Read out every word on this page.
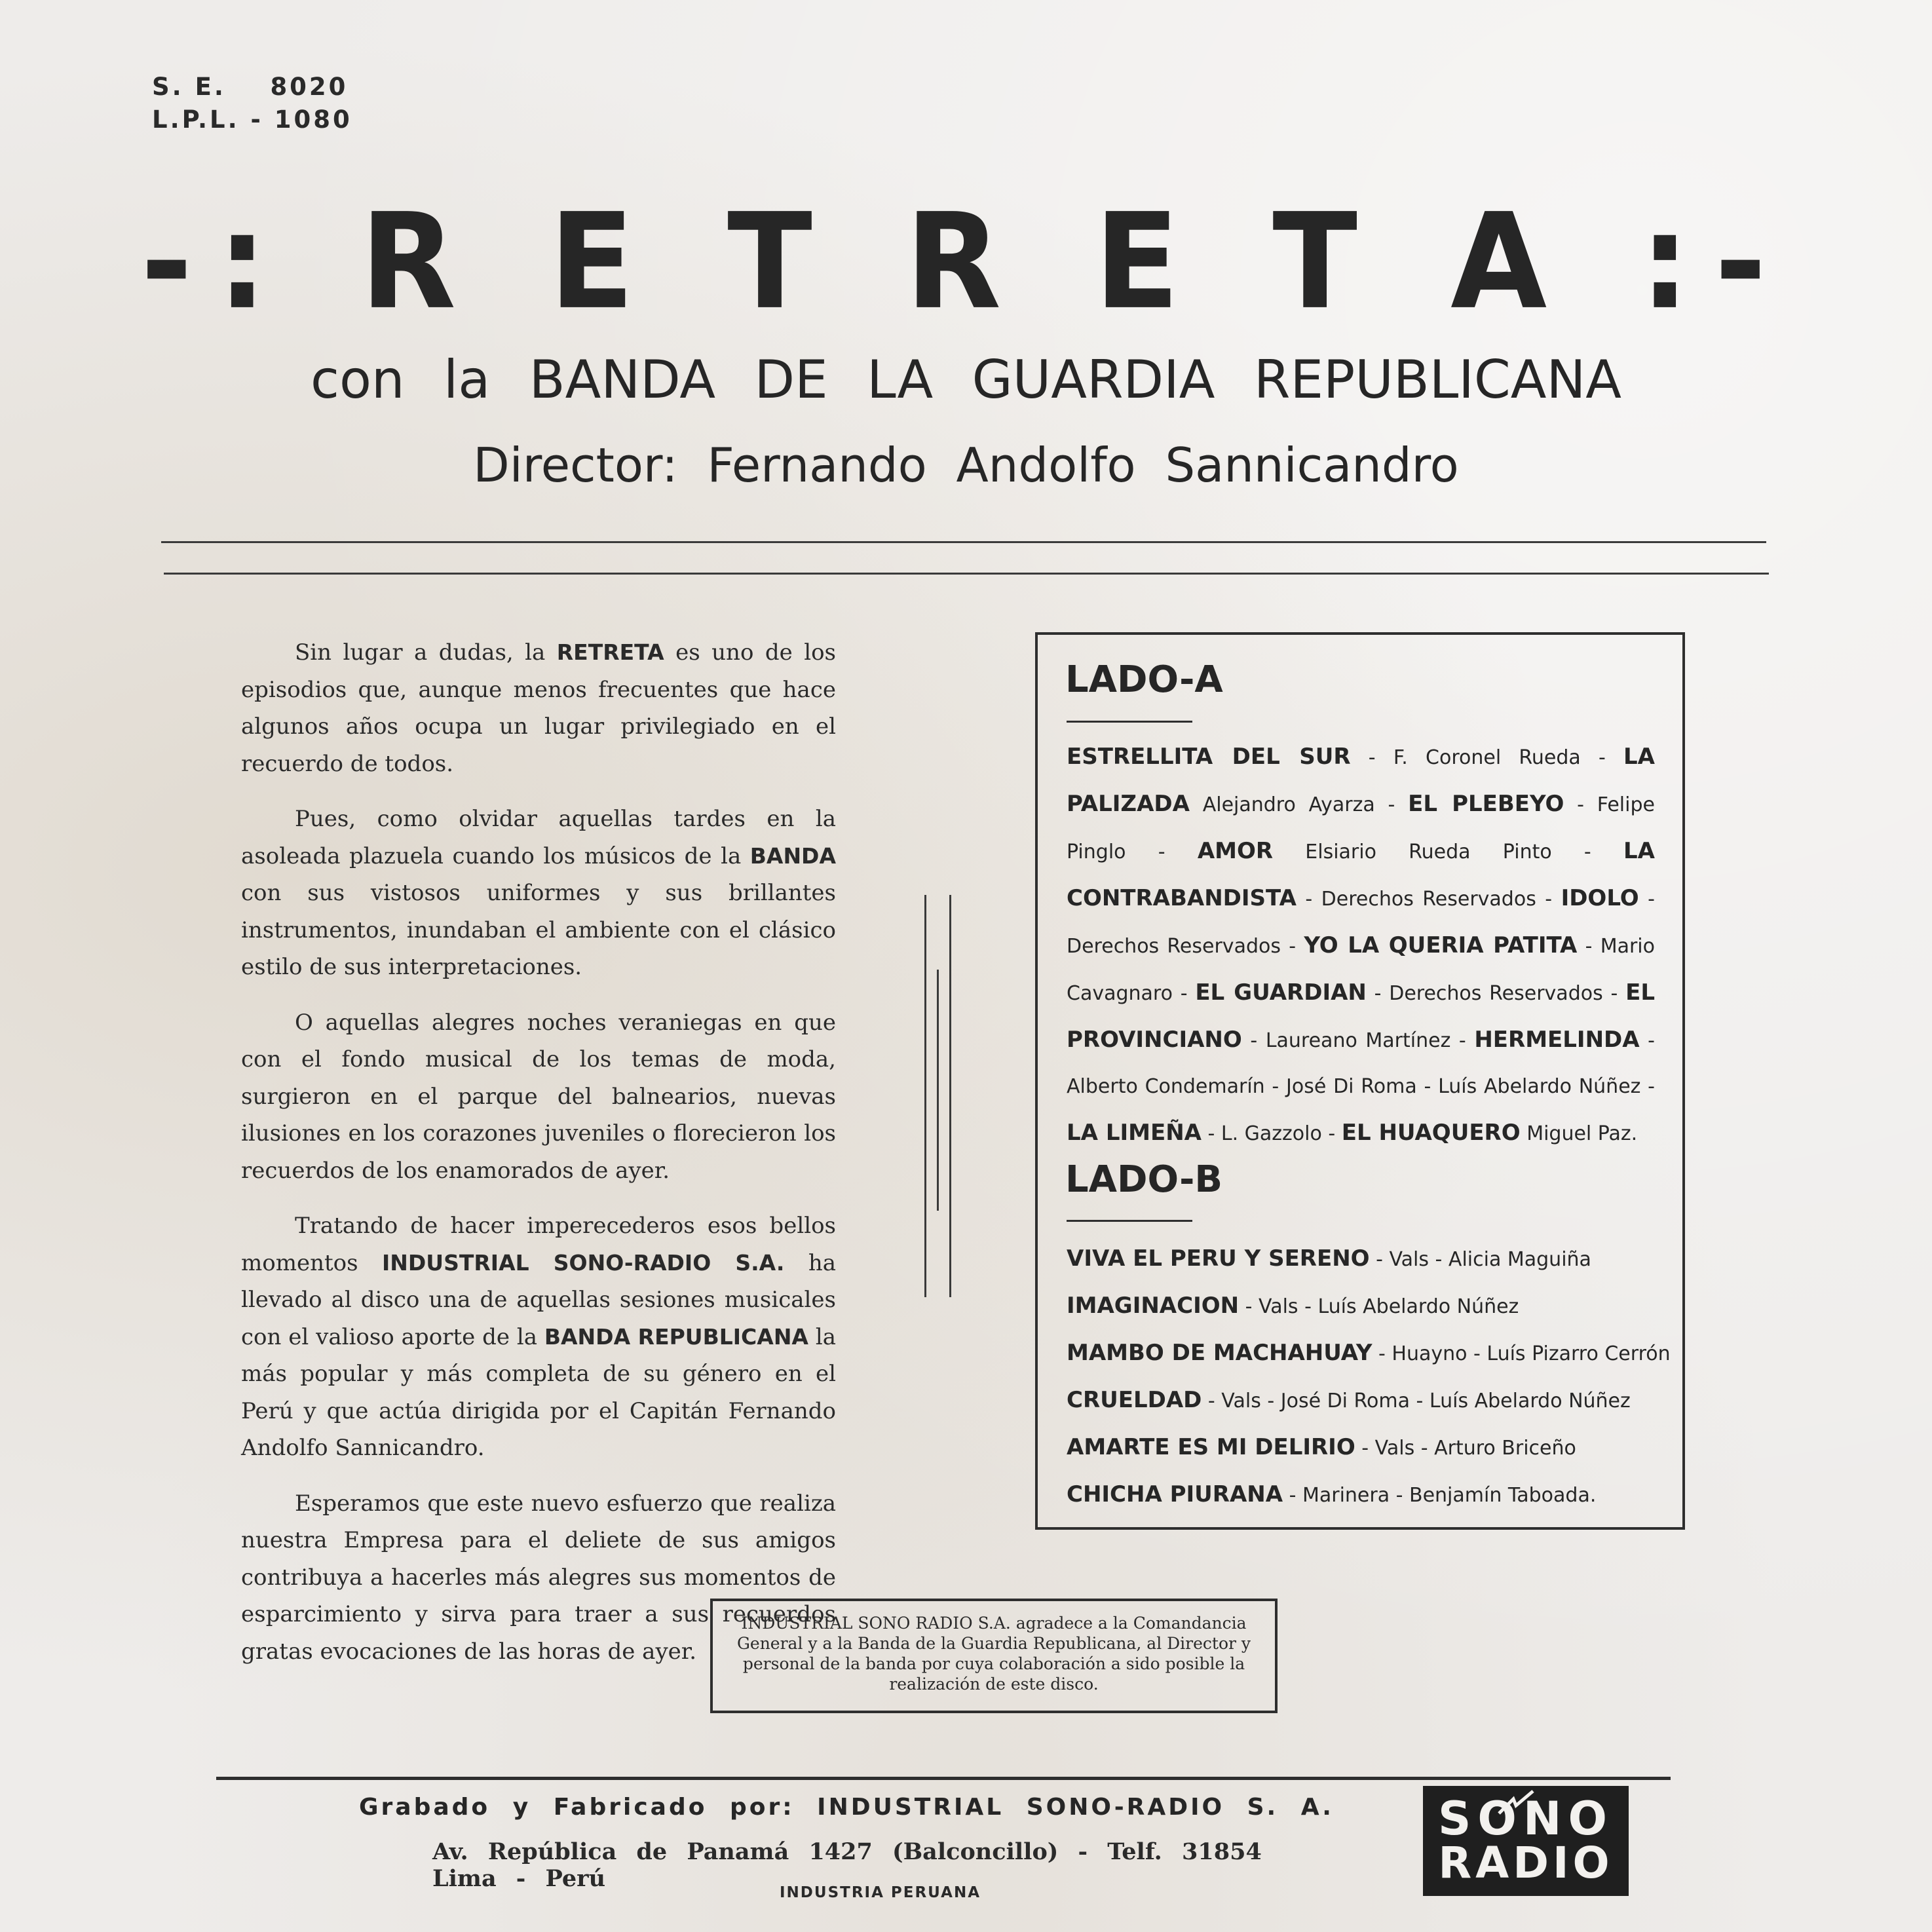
S. E.    8020
L.P.L. - 1080
-: R E T R E T A :-
con la BANDA DE LA GUARDIA REPUBLICANA
Director: Fernando Andolfo Sannicandro

Sin lugar a dudas, la RETRETA es uno de los episodios que, aunque menos frecuentes que hace algunos años ocupa un lugar privilegiado en el recuerdo de todos.

Pues, como olvidar aquellas tardes en la asoleada plazuela cuando los músicos de la BANDA con sus vistosos uniformes y sus brillantes instrumentos, inundaban el ambiente con el clásico estilo de sus interpretaciones.

O aquellas alegres noches veraniegas en que con el fondo musical de los temas de moda, surgieron en el parque del balnearios, nuevas ilusiones en los corazones juveniles o florecieron los recuerdos de los enamorados de ayer.

Tratando de hacer imperecederos esos bellos momentos INDUSTRIAL SONO-RADIO S.A. ha llevado al disco una de aquellas sesiones musicales con el valioso aporte de la BANDA REPUBLICANA la más popular y más completa de su género en el Perú y que actúa dirigida por el Capitán Fernando Andolfo Sannicandro.

Esperamos que este nuevo esfuerzo que realiza nuestra Empresa para el deliete de sus amigos contribuya a hacerles más alegres sus momentos de esparcimiento y sirva para traer a sus recuerdos gratas evocaciones de las horas de ayer.

LADO-A
ESTRELLITA DEL SUR - F. Coronel Rueda - LA PALIZADA Alejandro Ayarza - EL PLEBEYO - Felipe Pinglo - AMOR Elsiario Rueda Pinto - LA CONTRABANDISTA - Derechos Reservados - IDOLO - Derechos Reservados - YO LA QUERIA PATITA - Mario Cavagnaro - EL GUARDIAN - Derechos Reservados - EL PROVINCIANO - Laureano Martínez - HERMELINDA - Alberto Condemarín - José Di Roma - Luís Abelardo Núñez - LA LIMEÑA - L. Gazzolo - EL HUAQUERO Miguel Paz.
LADO-B
VIVA EL PERU Y SERENO - Vals - Alicia Maguiña
IMAGINACION - Vals - Luís Abelardo Núñez
MAMBO DE MACHAHUAY - Huayno - Luís Pizarro Cerrón
CRUELDAD - Vals - José Di Roma - Luís Abelardo Núñez
AMARTE ES MI DELIRIO - Vals - Arturo Briceño
CHICHA PIURANA - Marinera - Benjamín Taboada.
INDUSTRIAL SONO RADIO S.A. agradece a la Comandancia General y a la Banda de la Guardia Republicana, al Director y personal de la banda por cuya colaboración a sido posible la realización de este disco.
Grabado y Fabricado por: INDUSTRIAL SONO-RADIO S. A.
Av. República de Panamá 1427 (Balconcillo) - Telf. 31854 Lima - Perú
INDUSTRIA PERUANA
SONO
RADIO
